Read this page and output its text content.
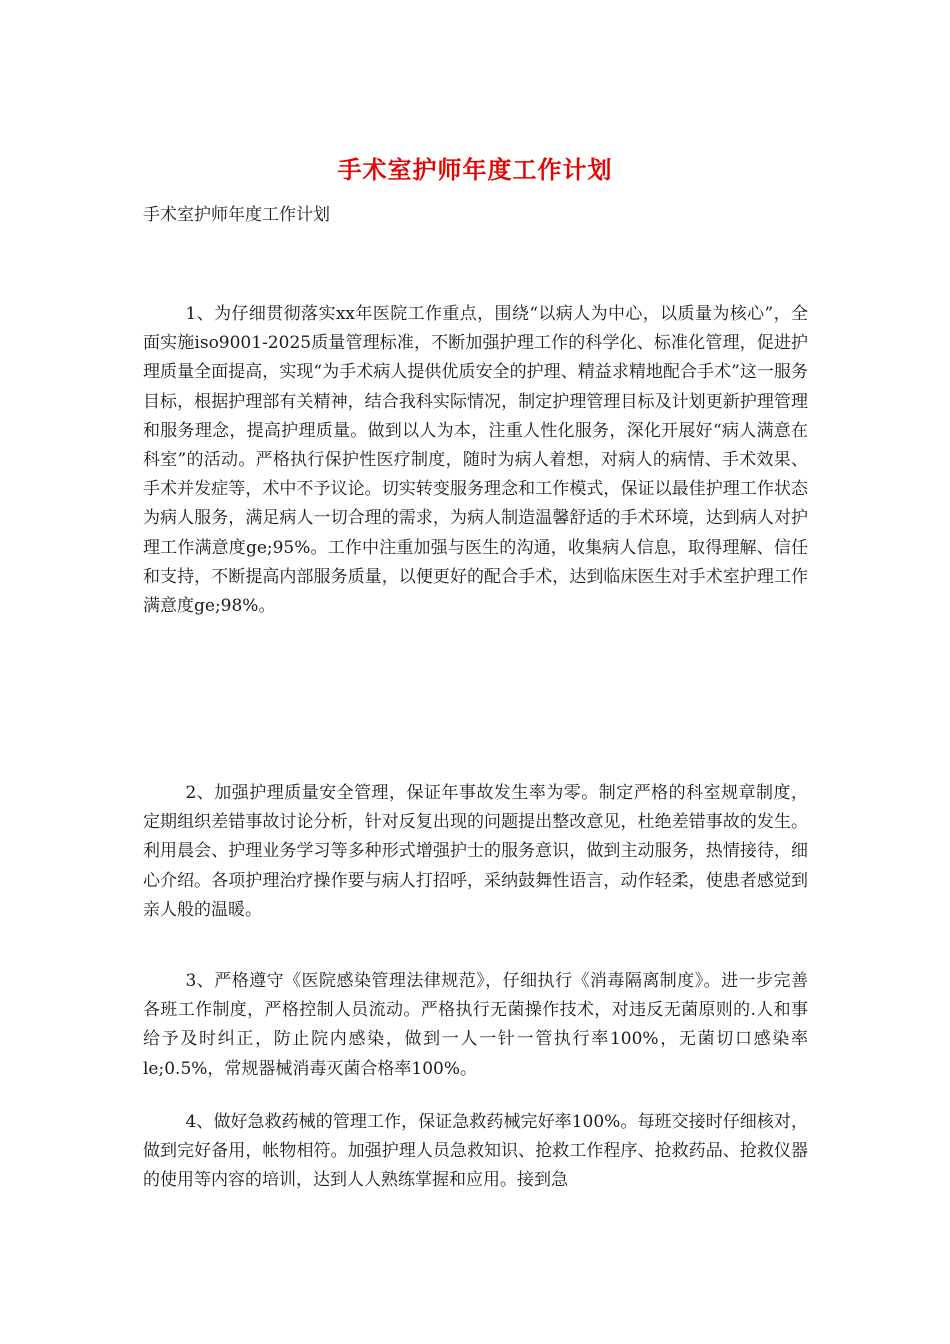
手术室护师年度工作计划
手术室护师年度工作计划

1、为仔细贯彻落实xx年医院工作重点，围绕“以病人为中心，以质量为核心”，全面实施iso9001-2025质量管理标准，不断加强护理工作的科学化、标准化管理，促进护理质量全面提高，实现“为手术病人提供优质安全的护理、精益求精地配合手术”这一服务目标，根据护理部有关精神，结合我科实际情况，制定护理管理目标及计划更新护理管理和服务理念，提高护理质量。做到以人为本，注重人性化服务，深化开展好“病人满意在科室”的活动。严格执行保护性医疗制度，随时为病人着想，对病人的病情、手术效果、手术并发症等，术中不予议论。切实转变服务理念和工作模式，保证以最佳护理工作状态为病人服务，满足病人一切合理的需求，为病人制造温馨舒适的手术环境，达到病人对护理工作满意度ge;95%。工作中注重加强与医生的沟通，收集病人信息，取得理解、信任和支持，不断提高内部服务质量，以便更好的配合手术，达到临床医生对手术室护理工作满意度ge;98%。

2、加强护理质量安全管理，保证年事故发生率为零。制定严格的科室规章制度，定期组织差错事故讨论分析，针对反复出现的问题提出整改意见，杜绝差错事故的发生。利用晨会、护理业务学习等多种形式增强护士的服务意识，做到主动服务，热情接待，细心介绍。各项护理治疗操作要与病人打招呼，采纳鼓舞性语言，动作轻柔，使患者感觉到亲人般的温暖。

3、严格遵守《医院感染管理法律规范》，仔细执行《消毒隔离制度》。进一步完善各班工作制度，严格控制人员流动。严格执行无菌操作技术，对违反无菌原则的.人和事给予及时纠正，防止院内感染，做到一人一针一管执行率100%，无菌切口感染率le;0.5%，常规器械消毒灭菌合格率100%。

4、做好急救药械的管理工作，保证急救药械完好率100%。每班交接时仔细核对，做到完好备用，帐物相符。加强护理人员急救知识、抢救工作程序、抢救药品、抢救仪器的使用等内容的培训，达到人人熟练掌握和应用。接到急
